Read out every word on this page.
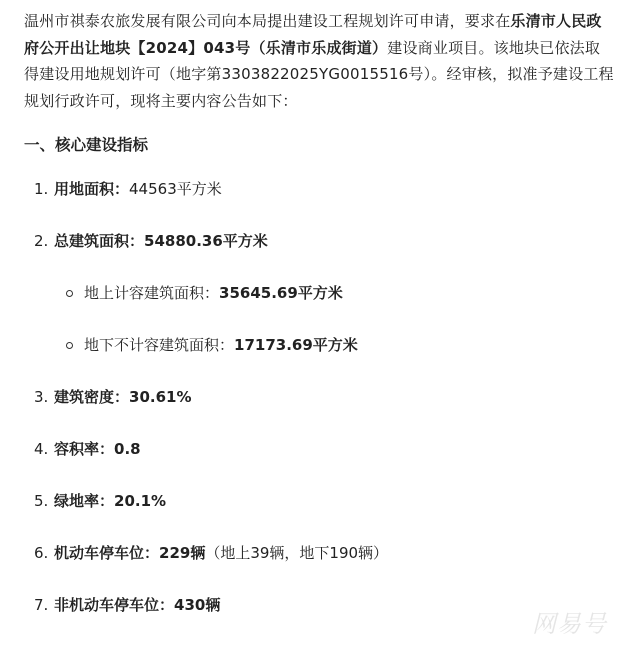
温州市祺泰农旅发展有限公司向本局提出建设工程规划许可申请，要求在乐清市人民政府公开出让地块【2024】043号（乐清市乐成街道）建设商业项目。该地块已依法取得建设用地规划许可（地字第3303822025YG0015516号）。经审核，拟准予建设工程规划行政许可，现将主要内容公告如下：

一、核心建设指标
1. 用地面积：44563平方米
2. 总建筑面积：54880.36平方米
地上计容建筑面积：35645.69平方米
地下不计容建筑面积：17173.69平方米
3. 建筑密度：30.61%
4. 容积率：0.8
5. 绿地率：20.1%
6. 机动车停车位：229辆（地上39辆，地下190辆）
7. 非机动车停车位：430辆
网易号
